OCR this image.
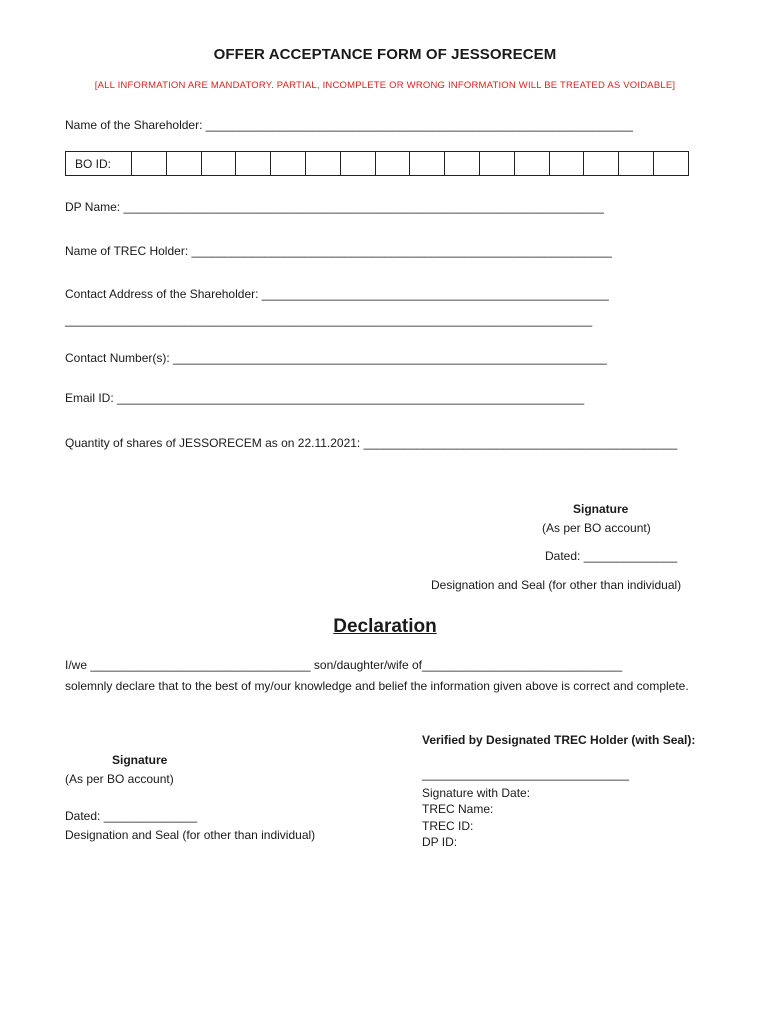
OFFER ACCEPTANCE FORM OF JESSORECEM
[ALL INFORMATION ARE MANDATORY. PARTIAL, INCOMPLETE OR WRONG INFORMATION WILL BE TREATED AS VOIDABLE]
Name of the Shareholder: ________________________________________________________________
BO ID:																
DP Name: ________________________________________________________________________
Name of TREC Holder: _______________________________________________________________
Contact Address of the Shareholder: ____________________________________________________
_______________________________________________________________________________
Contact Number(s): _________________________________________________________________
Email ID: ______________________________________________________________________
Quantity of shares of JESSORECEM as on 22.11.2021: _______________________________________________
Signature
(As per BO account)
Dated: ______________
Designation and Seal (for other than individual)
Declaration
I/we _________________________________ son/daughter/wife of______________________________
solemnly declare that to the best of my/our knowledge and belief the information given above is correct and complete.
Signature
(As per BO account)
Dated: ______________
Designation and Seal (for other than individual)
Verified by Designated TREC Holder (with Seal):
_______________________________
Signature with Date:
TREC Name:
TREC ID:
DP ID:
